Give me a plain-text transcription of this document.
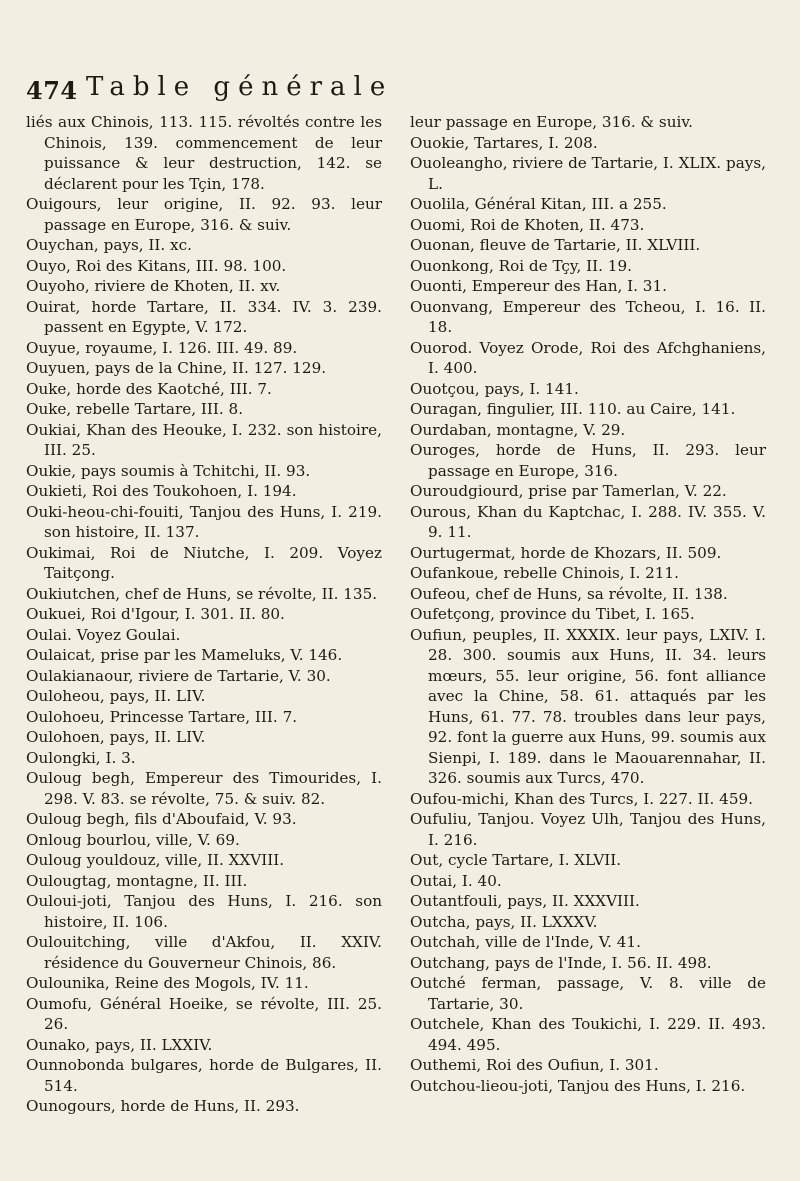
474 Table générale

liés aux Chinois, 113. 115. révoltés contre les Chinois, 139. commencement de leur puissance & leur destruction, 142. se déclarent pour les Tçin, 178.

Ouigours, leur origine, II. 92. 93. leur passage en Europe, 316. & suiv.

Ouychan, pays, II. xc.

Ouyo, Roi des Kitans, III. 98. 100.

Ouyoho, riviere de Khoten, II. xv.

Ouirat, horde Tartare, II. 334. IV. 3. 239. passent en Egypte, V. 172.

Ouyue, royaume, I. 126. III. 49. 89.

Ouyuen, pays de la Chine, II. 127. 129.

Ouke, horde des Kaotché, III. 7.

Ouke, rebelle Tartare, III. 8.

Oukiai, Khan des Heouke, I. 232. son histoire, III. 25.

Oukie, pays soumis à Tchitchi, II. 93.

Oukieti, Roi des Toukohoen, I. 194.

Ouki-heou-chi-fouiti, Tanjou des Huns, I. 219. son histoire, II. 137.

Oukimai, Roi de Niutche, I. 209. Voyez Taitçong.

Oukiutchen, chef de Huns, se révolte, II. 135.

Oukuei, Roi d'Igour, I. 301. II. 80.

Oulai. Voyez Goulai.

Oulaicat, prise par les Mameluks, V. 146.

Oulakianaour, riviere de Tartarie, V. 30.

Ouloheou, pays, II. LIV.

Oulohoeu, Princesse Tartare, III. 7.

Oulohoen, pays, II. LIV.

Oulongki, I. 3.

Ouloug begh, Empereur des Timourides, I. 298. V. 83. se révolte, 75. & suiv. 82.

Ouloug begh, fils d'Aboufaid, V. 93.

Onloug bourlou, ville, V. 69.

Ouloug youldouz, ville, II. XXVIII.

Oulougtag, montagne, II. III.

Ouloui-joti, Tanjou des Huns, I. 216. son histoire, II. 106.

Oulouitching, ville d'Akfou, II. XXIV. résidence du Gouverneur Chinois, 86.

Oulounika, Reine des Mogols, IV. 11.

Oumofu, Général Hoeike, se révolte, III. 25. 26.

Ounako, pays, II. LXXIV.

Ounnobonda bulgares, horde de Bulgares, II. 514.

Ounogours, horde de Huns, II. 293.

leur passage en Europe, 316. & suiv.

Ouokie, Tartares, I. 208.

Ouoleangho, riviere de Tartarie, I. XLIX. pays, L.

Ouolila, Général Kitan, III. a 255.

Ouomi, Roi de Khoten, II. 473.

Ouonan, fleuve de Tartarie, II. XLVIII.

Ouonkong, Roi de Tçy, II. 19.

Ouonti, Empereur des Han, I. 31.

Ouonvang, Empereur des Tcheou, I. 16. II. 18.

Ouorod. Voyez Orode, Roi des Afchghaniens, I. 400.

Ouotçou, pays, I. 141.

Ouragan, fingulier, III. 110. au Caire, 141.

Ourdaban, montagne, V. 29.

Ouroges, horde de Huns, II. 293. leur passage en Europe, 316.

Ouroudgiourd, prise par Tamerlan, V. 22.

Ourous, Khan du Kaptchac, I. 288. IV. 355. V. 9. 11.

Ourtugermat, horde de Khozars, II. 509.

Oufankoue, rebelle Chinois, I. 211.

Oufeou, chef de Huns, sa révolte, II. 138.

Oufetçong, province du Tibet, I. 165.

Oufiun, peuples, II. XXXIX. leur pays, LXIV. I. 28. 300. soumis aux Huns, II. 34. leurs mœurs, 55. leur origine, 56. font alliance avec la Chine, 58. 61. attaqués par les Huns, 61. 77. 78. troubles dans leur pays, 92. font la guerre aux Huns, 99. soumis aux Sienpi, I. 189. dans le Maouarennahar, II. 326. soumis aux Turcs, 470.

Oufou-michi, Khan des Turcs, I. 227. II. 459.

Oufuliu, Tanjou. Voyez Ulh, Tanjou des Huns, I. 216.

Out, cycle Tartare, I. XLVII.

Outai, I. 40.

Outantfouli, pays, II. XXXVIII.

Outcha, pays, II. LXXXV.

Outchah, ville de l'Inde, V. 41.

Outchang, pays de l'Inde, I. 56. II. 498.

Outché ferman, passage, V. 8. ville de Tartarie, 30.

Outchele, Khan des Toukichi, I. 229. II. 493. 494. 495.

Outhemi, Roi des Oufiun, I. 301.

Outchou-lieou-joti, Tanjou des Huns, I. 216.
